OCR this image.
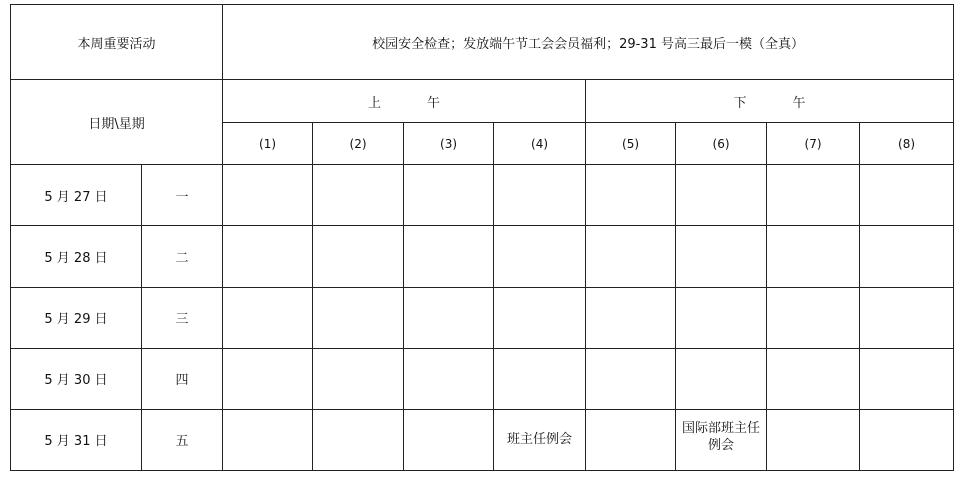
本周重要活动		校园安全检查；发放端午节工会会员福利；29-31 号高三最后一模（全真）							
日期\星期		上 午				下 午			
		(1)	(2)	(3)	(4)	(5)	(6)	(7)	(8)
5 月 27 日	一								
5 月 28 日	二								
5 月 29 日	三								
5 月 30 日	四								
5 月 31 日	五				班主任例会		国际部班主任例会		
